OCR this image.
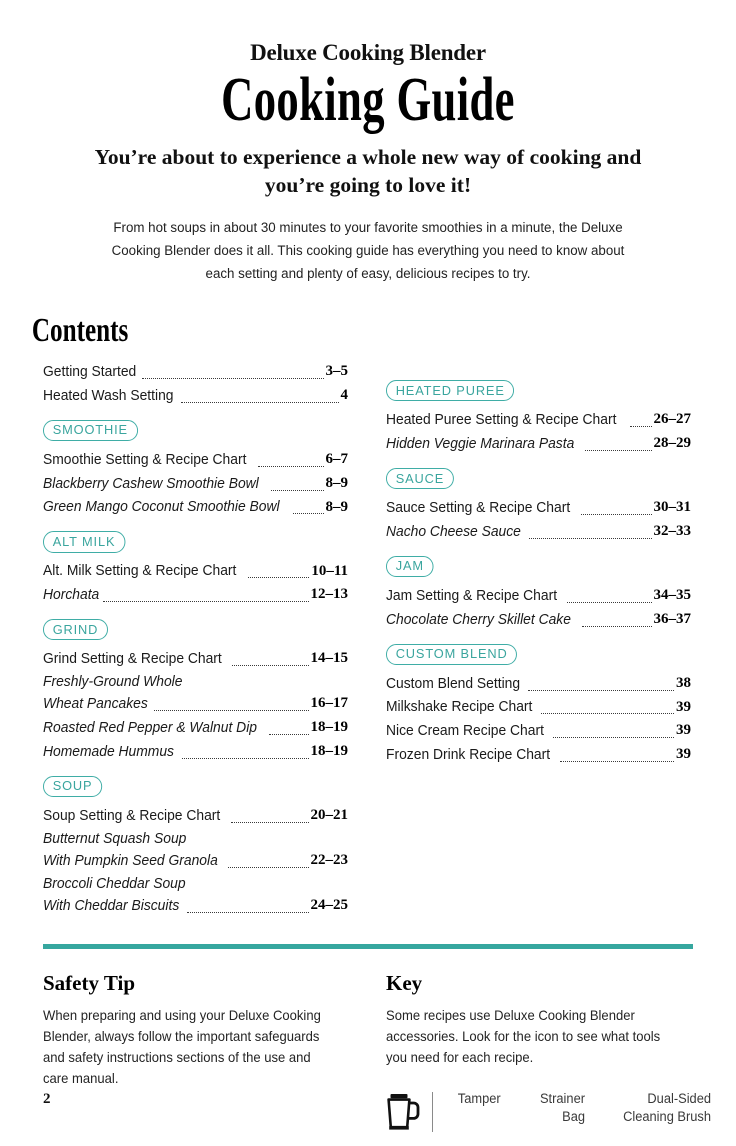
Deluxe Cooking Blender
Cooking Guide
You’re about to experience a whole new way of cooking and you’re going to love it!
From hot soups in about 30 minutes to your favorite smoothies in a minute, the Deluxe Cooking Blender does it all. This cooking guide has everything you need to know about each setting and plenty of easy, delicious recipes to try.
Contents
Getting Started	3–5
Heated Wash Setting	4
SMOOTHIE
Smoothie Setting & Recipe Chart	6–7
Blackberry Cashew Smoothie Bowl	8–9
Green Mango Coconut Smoothie Bowl	8–9
ALT MILK
Alt. Milk Setting & Recipe Chart	10–11
Horchata	12–13
GRIND
Grind Setting & Recipe Chart	14–15
Freshly-Ground Whole
Wheat Pancakes	16–17
Roasted Red Pepper & Walnut Dip	18–19
Homemade Hummus	18–19
SOUP
Soup Setting & Recipe Chart	20–21
Butternut Squash Soup
With Pumpkin Seed Granola	22–23
Broccoli Cheddar Soup
With Cheddar Biscuits	24–25
HEATED PUREE
Heated Puree Setting & Recipe Chart 26–27
Hidden Veggie Marinara Pasta	28–29
SAUCE
Sauce Setting & Recipe Chart	30–31
Nacho Cheese Sauce	32–33
JAM
Jam Setting & Recipe Chart	34–35
Chocolate Cherry Skillet Cake	36–37
CUSTOM BLEND
Custom Blend Setting	38
Milkshake Recipe Chart	39
Nice Cream Recipe Chart	39
Frozen Drink Recipe Chart	39
Safety Tip
When preparing and using your Deluxe Cooking Blender, always follow the important safeguards and safety instructions sections of the use and care manual.
Key
Some recipes use Deluxe Cooking Blender accessories. Look for the icon to see what tools you need for each recipe.
Tamper	Strainer Bag
Dual-Sided Cleaning Brush
2
